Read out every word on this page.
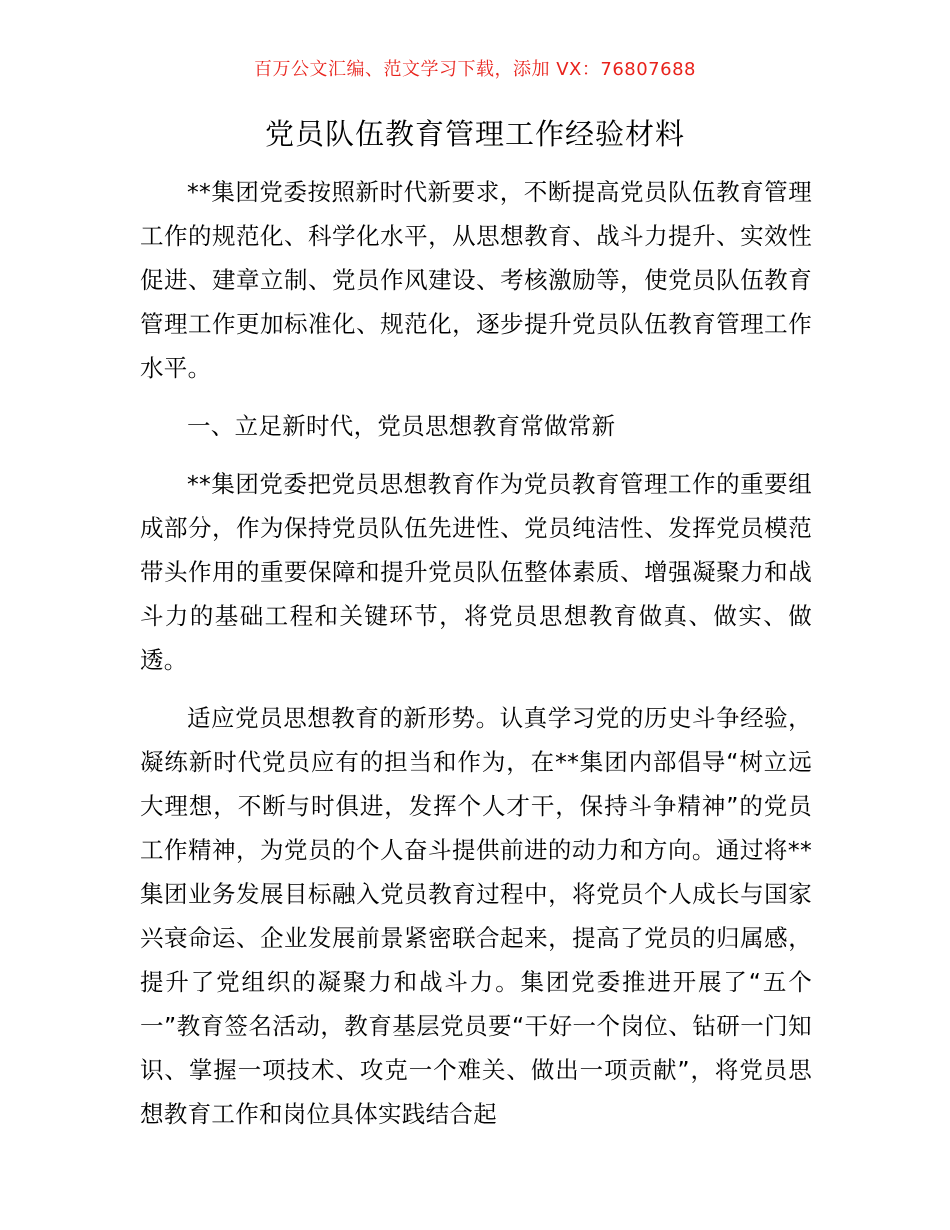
百万公文汇编、范文学习下载，添加 VX：76807688
党员队伍教育管理工作经验材料

**集团党委按照新时代新要求，不断提高党员队伍教育管理工作的规范化、科学化水平，从思想教育、战斗力提升、实效性促进、建章立制、党员作风建设、考核激励等，使党员队伍教育管理工作更加标准化、规范化，逐步提升党员队伍教育管理工作水平。

一、立足新时代，党员思想教育常做常新

**集团党委把党员思想教育作为党员教育管理工作的重要组成部分，作为保持党员队伍先进性、党员纯洁性、发挥党员模范带头作用的重要保障和提升党员队伍整体素质、增强凝聚力和战斗力的基础工程和关键环节，将党员思想教育做真、做实、做透。

适应党员思想教育的新形势。认真学习党的历史斗争经验，凝练新时代党员应有的担当和作为，在**集团内部倡导“树立远大理想，不断与时俱进，发挥个人才干，保持斗争精神”的党员工作精神，为党员的个人奋斗提供前进的动力和方向。通过将**集团业务发展目标融入党员教育过程中，将党员个人成长与国家兴衰命运、企业发展前景紧密联合起来，提高了党员的归属感，提升了党组织的凝聚力和战斗力。集团党委推进开展了“五个一”教育签名活动，教育基层党员要“干好一个岗位、钻研一门知识、掌握一项技术、攻克一个难关、做出一项贡献”，将党员思想教育工作和岗位具体实践结合起
